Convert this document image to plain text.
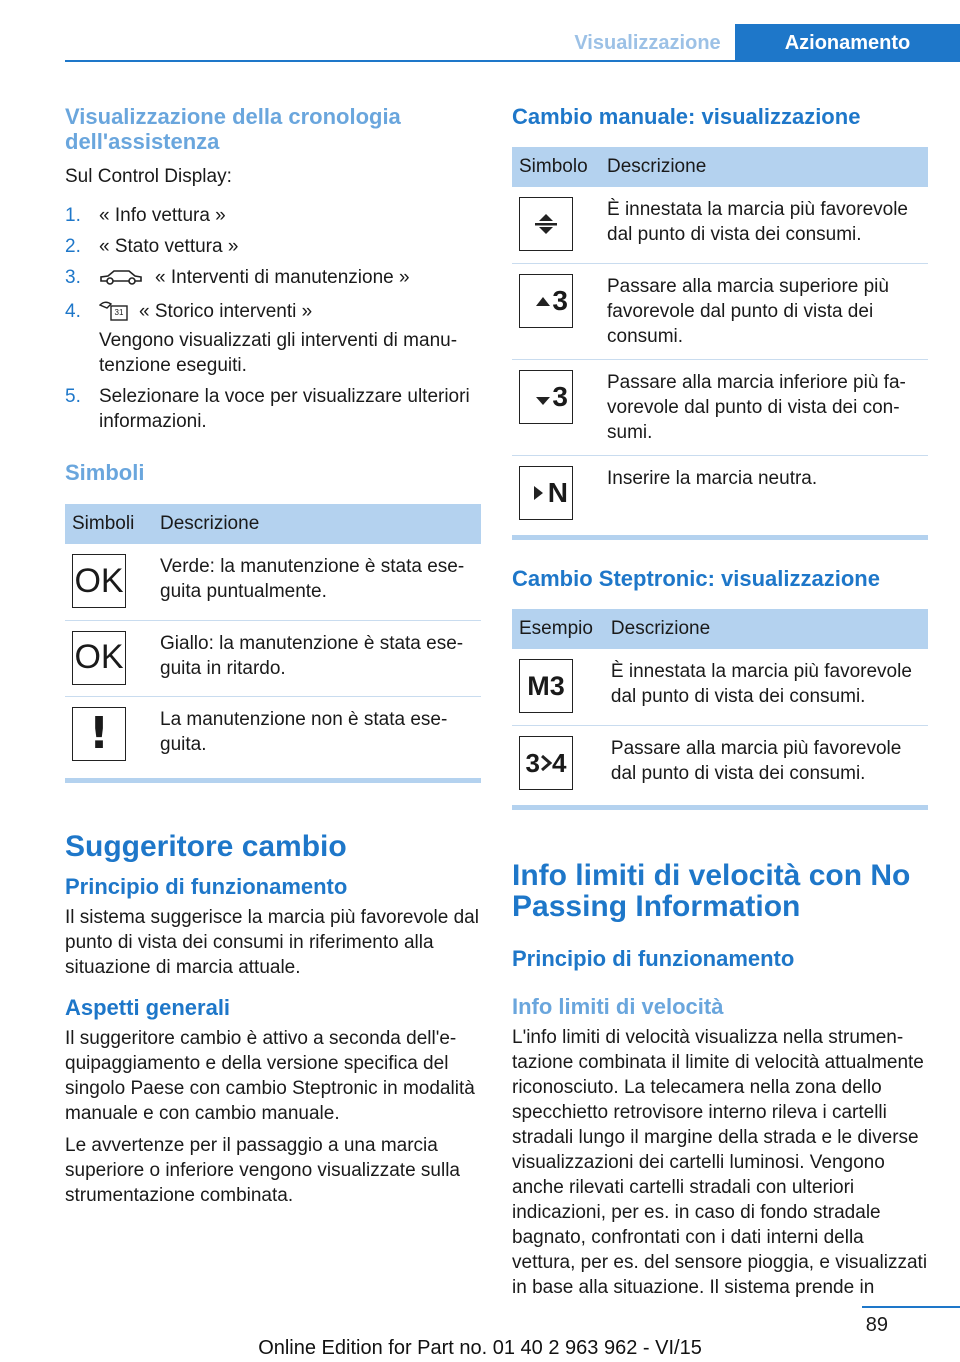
Visualizzazione	Azionamento
Visualizzazione della cronologia dell'assistenza

Sul Control Display:

1. « Info vettura »
2. « Stato vettura »
3.	« Interventi di manutenzione »
4.	31 « Storico interventi »

Vengono visualizzati gli interventi di manutenzione eseguiti.

5. Selezionare la voce per visualizzare ulteriori informazioni.
Simboli
Simboli	Descrizione

OK	Verde: la manutenzione è stata eseguita puntualmente.

OK	Giallo: la manutenzione è stata eseguita in ritardo.

!	La manutenzione non è stata eseguita.
Suggeritore cambio
Principio di funzionamento

Il sistema suggerisce la marcia più favorevole dal punto di vista dei consumi in riferimento alla situazione di marcia attuale.

Aspetti generali

Il suggeritore cambio è attivo a seconda dell'equipaggiamento e della versione specifica del singolo Paese con cambio Steptronic in modalità manuale e con cambio manuale.

Le avvertenze per il passaggio a una marcia superiore o inferiore vengono visualizzate sulla strumentazione combinata.

Cambio manuale: visualizzazione
Simbolo	Descrizione

	È innestata la marcia più favorevole dal punto di vista dei consumi.

3	Passare alla marcia superiore più favorevole dal punto di vista dei consumi.

3	Passare alla marcia inferiore più favorevole dal punto di vista dei consumi.

N	Inserire la marcia neutra.
Cambio Steptronic: visualizzazione
Esempio	Descrizione

M3	È innestata la marcia più favorevole dal punto di vista dei consumi.

3 4	Passare alla marcia più favorevole dal punto di vista dei consumi.
Info limiti di velocità con No Passing Information
Principio di funzionamento
Info limiti di velocità

L'info limiti di velocità visualizza nella strumentazione combinata il limite di velocità attualmente riconosciuto. La telecamera nella zona dello specchietto retrovisore interno rileva i cartelli stradali lungo il margine della strada e le diverse visualizzazioni dei cartelli luminosi. Vengono anche rilevati cartelli stradali con ulteriori indicazioni, per es. in caso di fondo stradale bagnato, confrontati con i dati interni della vettura, per es. del sensore pioggia, e visualizzati in base alla situazione. Il sistema prende in

89
Online Edition for Part no. 01 40 2 963 962 - VI/15
